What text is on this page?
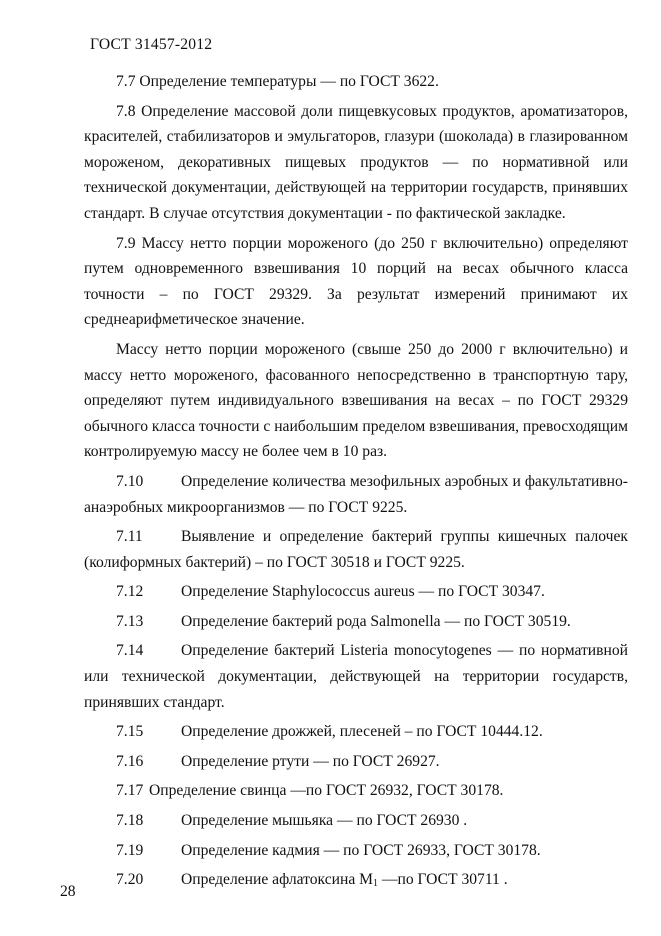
ГОСТ 31457-2012

7.7 Определение температуры — по ГОСТ 3622.

7.8 Определение массовой доли пищевкусовых продуктов, ароматизаторов, красителей, стабилизаторов и эмульгаторов, глазури (шоколада) в глазированном мороженом, декоративных пищевых продуктов — по нормативной или технической документации, действующей на территории государств, принявших стандарт. В случае отсутствия документации - по фактической закладке.

7.9 Массу нетто порции мороженого (до 250 г включительно) определяют путем одновременного взвешивания 10 порций на весах обычного класса точности – по ГОСТ 29329. За результат измерений принимают их среднеарифметическое значение.

Массу нетто порции мороженого (свыше 250 до 2000 г включительно) и массу нетто мороженого, фасованного непосредственно в транспортную тару, определяют путем индивидуального взвешивания на весах – по ГОСТ 29329 обычного класса точности с наибольшим пределом взвешивания, превосходящим контролируемую массу не более чем в 10 раз.

7.10 Определение количества мезофильных аэробных и факультативно-анаэробных микроорганизмов — по ГОСТ 9225.
7.11 Выявление и определение бактерий группы кишечных палочек (колиформных бактерий) – по ГОСТ 30518 и ГОСТ 9225.
7.12 Определение Staphylococcus aureus — по ГОСТ 30347.
7.13 Определение бактерий рода Salmonella — по ГОСТ 30519.
7.14 Определение бактерий Listeria monocytogenes — по нормативной или технической документации, действующей на территории государств, принявших стандарт.
7.15 Определение дрожжей, плесеней – по ГОСТ 10444.12.
7.16 Определение ртути — по ГОСТ 26927.
7.17 Определение свинца —по ГОСТ 26932, ГОСТ 30178.
7.18 Определение мышьяка — по ГОСТ 26930 .
7.19 Определение кадмия — по ГОСТ 26933, ГОСТ 30178.
7.20 Определение афлатоксина $M_1$ —по ГОСТ 30711 .
28
